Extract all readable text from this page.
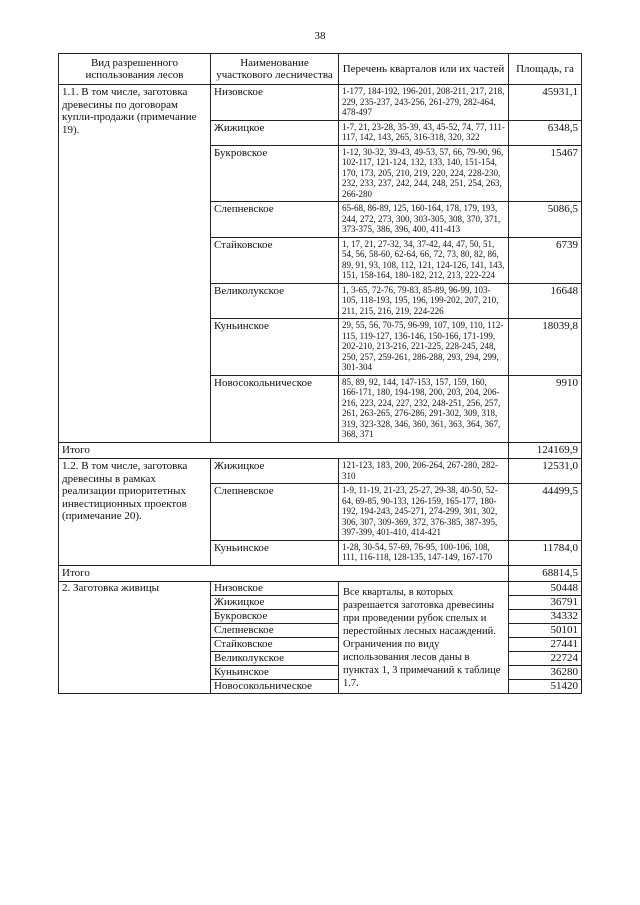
38
Вид разрешенного использования лесов	Наименование участкового лесничества	Перечень кварталов или их частей	Площадь, га
1.1. В том числе, заготовка древесины по договорам купли-продажи (примечание 19).	Низовское	1-177, 184-192, 196-201, 208-211, 217, 218, 229, 235-237, 243-256, 261-279, 282-464, 478-497	45931,1
	Жижицкое	1-7, 21, 23-28, 35-39, 43, 45-52, 74, 77, 111-117, 142, 143, 265, 316-318, 320, 322	6348,5
	Букровское	1-12, 30-32, 39-43, 49-53, 57, 66, 79-90, 96, 102-117, 121-124, 132, 133, 140, 151-154, 170, 173, 205, 210, 219, 220, 224, 228-230, 232, 233, 237, 242, 244, 248, 251, 254, 263, 266-280	15467
	Слепневское	65-68, 86-89, 125, 160-164, 178, 179, 193, 244, 272, 273, 300, 303-305, 308, 370, 371, 373-375, 386, 396, 400, 411-413	5086,5
	Стайковское	1, 17, 21, 27-32, 34, 37-42, 44, 47, 50, 51, 54, 56, 58-60, 62-64, 66, 72, 73, 80, 82, 86, 89, 91, 93, 108, 112, 121, 124-126, 141, 143, 151, 158-164, 180-182, 212, 213, 222-224	6739
	Великолукское	1, 3-65, 72-76, 79-83, 85-89, 96-99, 103-105, 118-193, 195, 196, 199-202, 207, 210, 211, 215, 216, 219, 224-226	16648
	Куньинское	29, 55, 56, 70-75, 96-99, 107, 109, 110, 112-115, 119-127, 136-146, 150-166, 171-199, 202-210, 213-216, 221-225, 228-245, 248, 250, 257, 259-261, 286-288, 293, 294, 299, 301-304	18039,8
	Новосокольническое	85, 89, 92, 144, 147-153, 157, 159, 160, 166-171, 180, 194-198, 200, 203, 204, 206-216, 223, 224, 227, 232, 248-251, 256, 257, 261, 263-265, 276-286, 291-302, 309, 318, 319, 323-328, 346, 360, 361, 363, 364, 367, 368, 371	9910
Итого			124169,9
1.2. В том числе, заготовка древесины в рамках реализации приоритетных инвестиционных проектов (примечание 20).	Жижицкое	121-123, 183, 200, 206-264, 267-280, 282-310	12531,0
	Слепневское	1-9, 11-19, 21-23, 25-27, 29-38, 40-50, 52-64, 69-85, 90-133, 126-159, 165-177, 180-192, 194-243, 245-271, 274-299, 301, 302, 306, 307, 309-369, 372, 376-385, 387-395, 397-399, 401-410, 414-421	44499,5
	Куньинское	1-28, 30-54, 57-69, 76-95, 100-106, 108, 111, 116-118, 128-135, 147-149, 167-170	11784,0
Итого			68814,5
2. Заготовка живицы	Низовское	Все кварталы, в которых разрешается заготовка древесины при проведении рубок спелых и перестойных лесных насаждений. Ограничения по виду использования лесов даны в пунктах 1, 3 примечаний к таблице 1.7.	50448
	Жижицкое		36791
	Букровское		34332
	Слепневское		50101
	Стайковское		27441
	Великолукское		22724
	Куньинское		36280
	Новосокольническое		51420
